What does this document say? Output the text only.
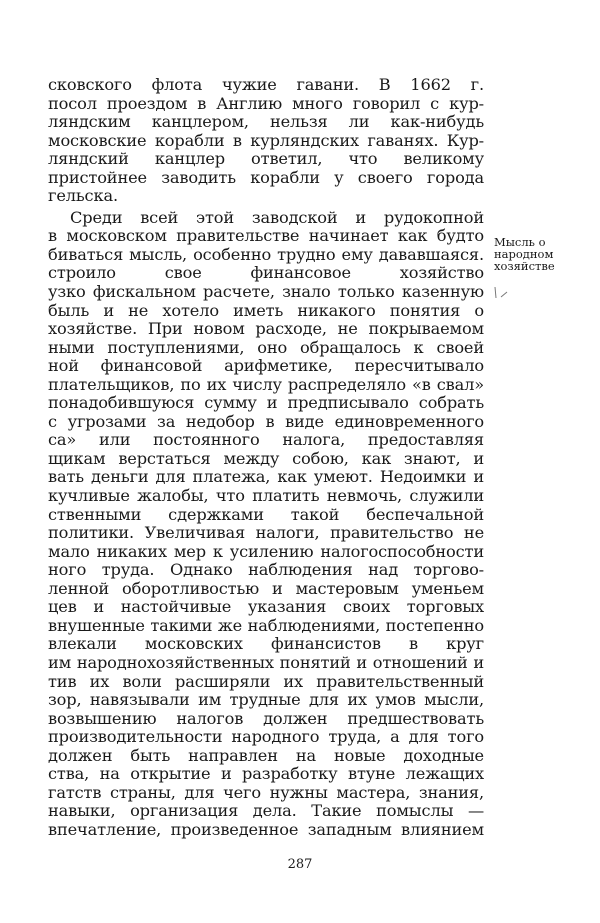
сковского флота чужие гавани. В 1662 г.
посол проездом в Англию много говорил с кур-
ляндским канцлером, нельзя ли как-нибудь
московские корабли в курляндских гаванях. Кур-
ляндский канцлер ответил, что великому
пристойнее заводить корабли у своего города
гельска.
Среди всей этой заводской и рудокопной
в московском правительстве начинает как будто
биваться мысль, особенно трудно ему дававшаяся.
строило свое финансовое хозяйство
узко фискальном расчете, знало только казенную
быль и не хотело иметь никакого понятия о
хозяйстве. При новом расходе, не покрываемом
ными поступлениями, оно обращалось к своей
ной финансовой арифметике, пересчитывало
плательщиков, по их числу распределяло «в свал»
понадобившуюся сумму и предписывало собрать
с угрозами за недобор в виде единовременного
са» или постоянного налога, предоставляя
щикам верстаться между собою, как знают, и
вать деньги для платежа, как умеют. Недоимки и
кучливые жалобы, что платить невмочь, служили
ственными сдержками такой беспечальной
политики. Увеличивая налоги, правительство не
мало никаких мер к усилению налогоспособности
ного труда. Однако наблюдения над торгово-
ленной оборотливостью и мастеровым уменьем
цев и настойчивые указания своих торговых
внушенные такими же наблюдениями, постепенно
влекали московских финансистов в круг
им народнохозяйственных понятий и отношений и
тив их воли расширяли их правительственный
зор, навязывали им трудные для их умов мысли,
возвышению налогов должен предшествовать
производительности народного труда, а для того
должен быть направлен на новые доходные
ства, на открытие и разработку втуне лежащих
гатств страны, для чего нужны мастера, знания,
навыки, организация дела. Такие помыслы —
впечатление, произведенное западным влиянием
Мысль о
народном
хозяйстве
287
